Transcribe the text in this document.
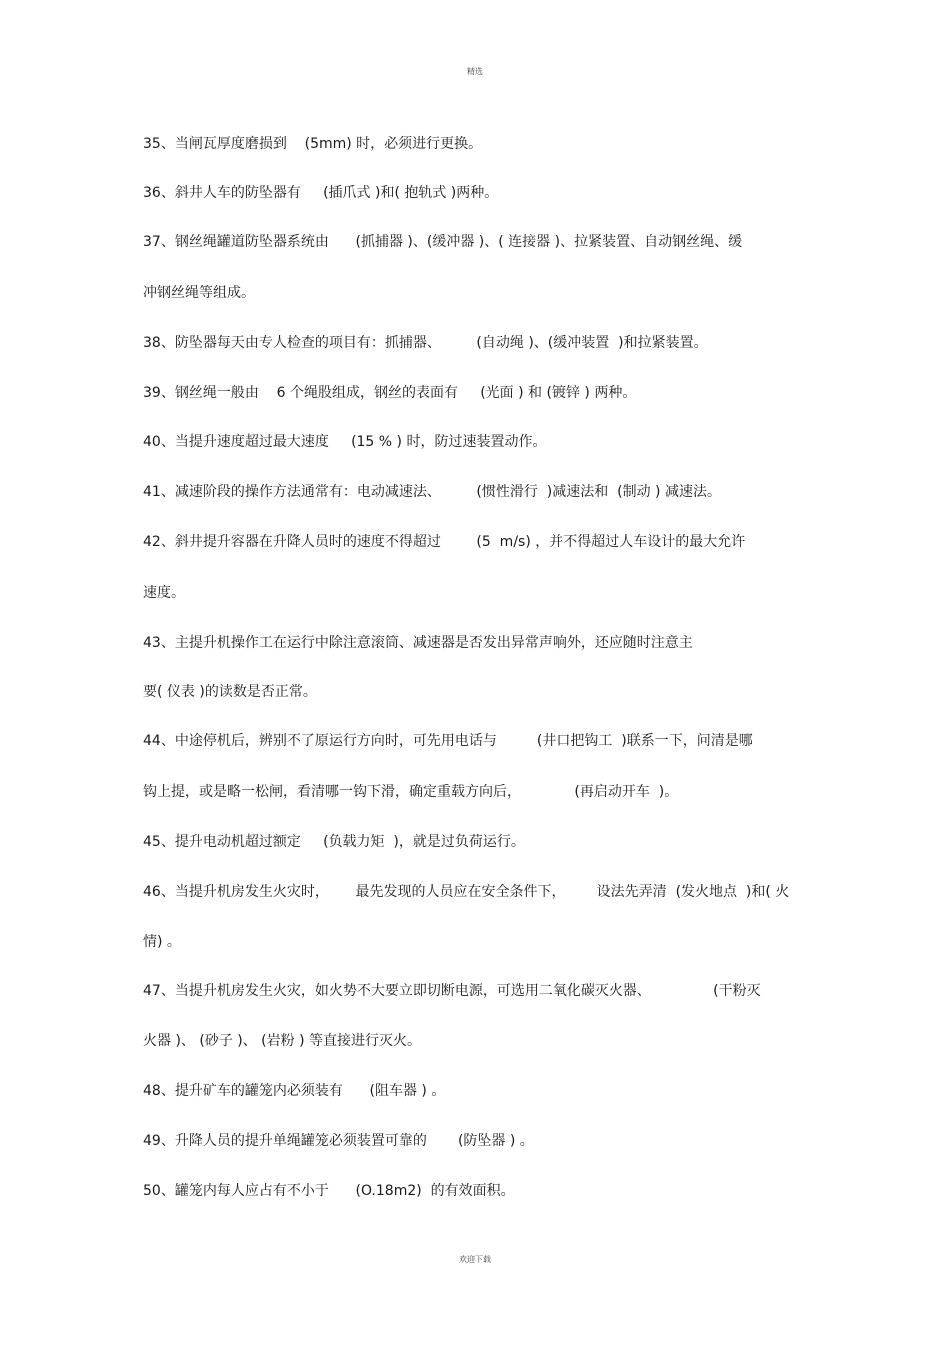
精选
35、当闸瓦厚度磨损到    (5mm) 时，必须进行更换。
36、斜井人车的防坠器有     (插爪式 )和( 抱轨式 )两种。
37、钢丝绳罐道防坠器系统由      (抓捕器 )、(缓冲器 )、( 连接器 )、拉紧装置、自动钢丝绳、缓
冲钢丝绳等组成。
38、防坠器每天由专人检查的项目有：抓捕器、        (自动绳 )、(缓冲装置  )和拉紧装置。
39、钢丝绳一般由    6 个绳股组成，钢丝的表面有     (光面 ) 和 (镀锌 ) 两种。
40、当提升速度超过最大速度     (15 % ) 时，防过速装置动作。
41、减速阶段的操作方法通常有：电动减速法、        (惯性滑行  )减速法和  (制动 ) 减速法。
42、斜井提升容器在升降人员时的速度不得超过        (5  m/s) ，并不得超过人车设计的最大允许
速度。
43、主提升机操作工在运行中除注意滚筒、减速器是否发出异常声响外，还应随时注意主
要( 仪表 )的读数是否正常。
44、中途停机后，辨别不了原运行方向时，可先用电话与         (井口把钩工  )联系一下，问清是哪
钩上提，或是略一松闸，看清哪一钩下滑，确定重载方向后，            (再启动开车  )。
45、提升电动机超过额定     (负载力矩  )，就是过负荷运行。
46、当提升机房发生火灾时，      最先发现的人员应在安全条件下，       设法先弄清  (发火地点  )和( 火
情) 。
47、当提升机房发生火灾，如火势不大要立即切断电源，可选用二氧化碳灭火器、              (干粉灭
火器 )、 (砂子 )、 (岩粉 ) 等直接进行灭火。
48、提升矿车的罐笼内必须装有      (阻车器 ) 。
49、升降人员的提升单绳罐笼必须装置可靠的       (防坠器 ) 。
50、罐笼内每人应占有不小于      (O.18m2)  的有效面积。
欢迎下载
